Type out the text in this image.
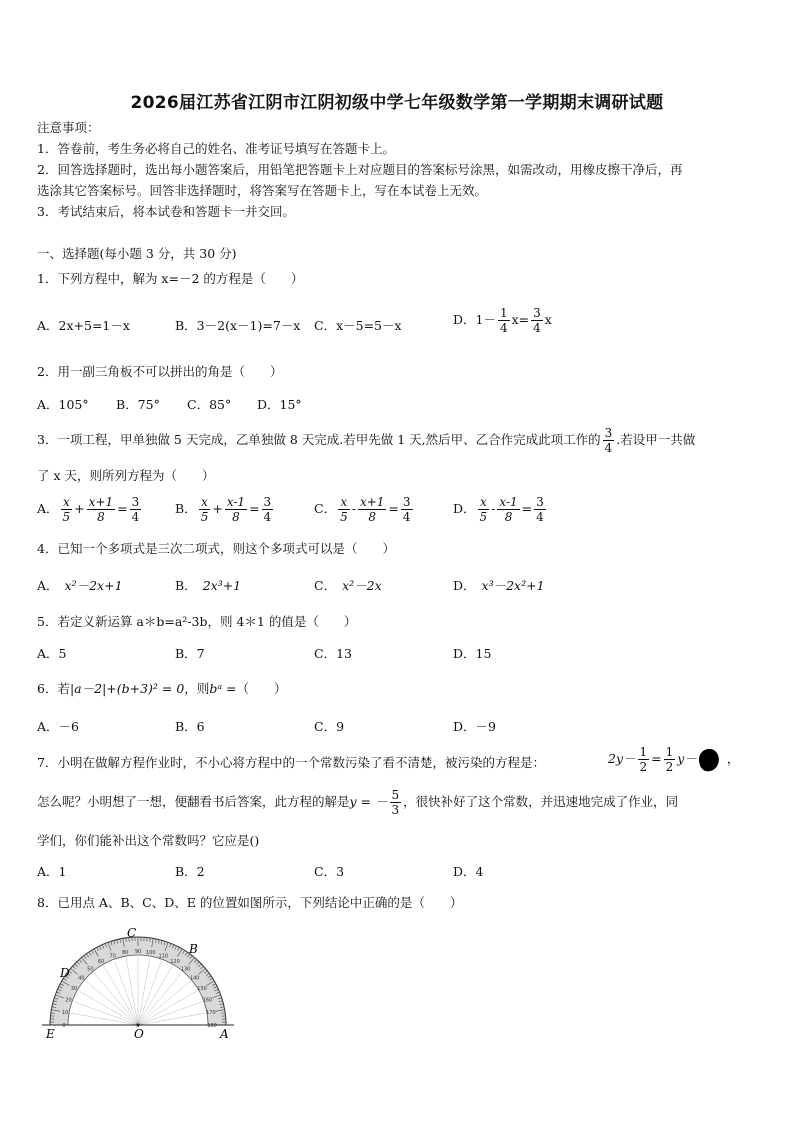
2026届江苏省江阴市江阴初级中学七年级数学第一学期期末调研试题
注意事项：
1．答卷前，考生务必将自己的姓名、准考证号填写在答题卡上。
2．回答选择题时，选出每小题答案后，用铅笔把答题卡上对应题目的答案标号涂黑，如需改动，用橡皮擦干净后，再
选涂其它答案标号。回答非选择题时，将答案写在答题卡上，写在本试卷上无效。
3．考试结束后，将本试卷和答题卡一并交回。
一、选择题(每小题 3 分，共 30 分)
1．下列方程中，解为 x=－2 的方程是（　　）
A．2x+5=1－x	B．3－2(x－1)=7－x C．x－5=5－x	D．$1- \frac{1}{4} x= \frac{3}{4}$ x
2．用一副三角板不可以拼出的角是（　　）
A．105° B．75° C．85° D．15°
3．一项工程，甲单独做 5 天完成，乙单独做 8 天完成.若甲先做 1 天,然后甲、乙合作完成此项工作的 $\frac{3}{4}$ .若设甲一共做
了 x 天，则所列方程为（　　）
A． $\frac{x}{5} + \frac{x+1}{8} = \frac{3}{4}$	B． $\frac{x}{5} + \frac{x-1}{8} = \frac{3}{4}$	C． $\frac{x}{5} - \frac{x+1}{8} = \frac{3}{4}$	D． $\frac{x}{5} - \frac{x-1}{8} = \frac{3}{4}$
4．已知一个多项式是三次二项式，则这个多项式可以是（　　）
A． x²－2x+1	B． 2x³+1	C． x²－2x	D． x³－2x²+1
5．若定义新运算 a＊b=a²-3b，则 4＊1 的值是（　　）
A．5	B．7	C．13	D．15
6．若|a－2|+(b+3)² = 0，则bᵃ =（　　）
A．－6	B．6	C．9	D．－9
7．小明在做解方程作业时，不小心将方程中的一个常数污染了看不清楚，被污染的方程是：	$2y- \frac{1}{2} = \frac{1}{2} y-$ ，
怎么呢？小明想了一想，便翻看书后答案，此方程的解是y = － $\frac{5}{3}$ ，很快补好了这个常数，并迅速地完成了作业，同
学们，你们能补出这个常数吗？它应是()
A．1	B．2	C．3	D．4
8．已用点 A、B、C、D、E 的位置如图所示，下列结论中正确的是（　　）
0
10
20
30
40
50
60
70
80 90
180
170
160
150
140
130
120
110
100
E	O	A
C
B
D
